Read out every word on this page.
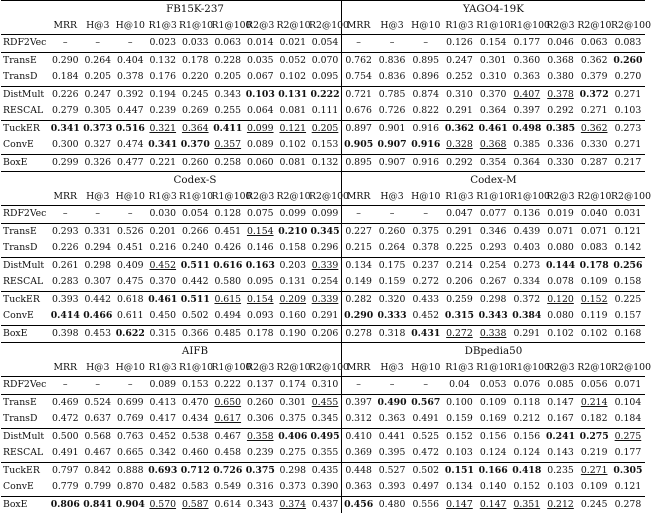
	FB15K-237									YAGO4-19K								
	MRR	H@3	H@10	R1@3	R1@10	R1@100	R2@3	R2@10	R2@100	MRR	H@3	H@10	R1@3	R1@10	R1@100	R2@3	R2@10	R2@100
RDF2Vec	–	–	–	0.023	0.033	0.063	0.014	0.021	0.054	–	–	–	0.126	0.154	0.177	0.046	0.063	0.083
TransE	0.290	0.264	0.404	0.132	0.178	0.228	0.035	0.052	0.070	0.762	0.836	0.895	0.247	0.301	0.360	0.368	0.362	0.260
TransD	0.184	0.205	0.378	0.176	0.220	0.205	0.067	0.102	0.095	0.754	0.836	0.896	0.252	0.310	0.363	0.380	0.379	0.270
DistMult	0.226	0.247	0.392	0.194	0.245	0.343	0.103	0.131	0.222	0.721	0.785	0.874	0.310	0.370	0.407	0.378	0.372	0.271
RESCAL	0.279	0.305	0.447	0.239	0.269	0.255	0.064	0.081	0.111	0.676	0.726	0.822	0.291	0.364	0.397	0.292	0.271	0.103
TuckER	0.341	0.373	0.516	0.321	0.364	0.411	0.099	0.121	0.205	0.897	0.901	0.916	0.362	0.461	0.498	0.385	0.362	0.273
ConvE	0.300	0.327	0.474	0.341	0.370	0.357	0.089	0.102	0.153	0.905	0.907	0.916	0.328	0.368	0.385	0.336	0.330	0.271
BoxE	0.299	0.326	0.477	0.221	0.260	0.258	0.060	0.081	0.132	0.895	0.907	0.916	0.292	0.354	0.364	0.330	0.287	0.217
	Codex-S									Codex-M								
	MRR	H@3	H@10	R1@3	R1@10	R1@100	R2@3	R2@10	R2@100	MRR	H@3	H@10	R1@3	R1@10	R1@100	R2@3	R2@10	R2@100
RDF2Vec	–	–	–	0.030	0.054	0.128	0.075	0.099	0.099	–	–	–	0.047	0.077	0.136	0.019	0.040	0.031
TransE	0.293	0.331	0.526	0.201	0.266	0.451	0.154	0.210	0.345	0.227	0.260	0.375	0.291	0.346	0.439	0.071	0.071	0.121
TransD	0.226	0.294	0.451	0.216	0.240	0.426	0.146	0.158	0.296	0.215	0.264	0.378	0.225	0.293	0.403	0.080	0.083	0.142
DistMult	0.261	0.298	0.409	0.452	0.511	0.616	0.163	0.203	0.339	0.134	0.175	0.237	0.214	0.254	0.273	0.144	0.178	0.256
RESCAL	0.283	0.307	0.475	0.370	0.442	0.580	0.095	0.131	0.254	0.149	0.159	0.272	0.206	0.267	0.334	0.078	0.109	0.158
TuckER	0.393	0.442	0.618	0.461	0.511	0.615	0.154	0.209	0.339	0.282	0.320	0.433	0.259	0.298	0.372	0.120	0.152	0.225
ConvE	0.414	0.466	0.611	0.450	0.502	0.494	0.093	0.160	0.291	0.290	0.333	0.452	0.315	0.343	0.384	0.080	0.119	0.157
BoxE	0.398	0.453	0.622	0.315	0.366	0.485	0.178	0.190	0.206	0.278	0.318	0.431	0.272	0.338	0.291	0.102	0.102	0.168
	AIFB									DBpedia50								
	MRR	H@3	H@10	R1@3	R1@10	R1@100	R2@3	R2@10	R2@100	MRR	H@3	H@10	R1@3	R1@10	R1@100	R2@3	R2@10	R2@100
RDF2Vec	–	–	–	0.089	0.153	0.222	0.137	0.174	0.310	–	–	–	0.04	0.053	0.076	0.085	0.056	0.071
TransE	0.469	0.524	0.699	0.413	0.470	0.650	0.260	0.301	0.455	0.397	0.490	0.567	0.100	0.109	0.118	0.147	0.214	0.104
TransD	0.472	0.637	0.769	0.417	0.434	0.617	0.306	0.375	0.345	0.312	0.363	0.491	0.159	0.169	0.212	0.167	0.182	0.184
DistMult	0.500	0.568	0.763	0.452	0.538	0.467	0.358	0.406	0.495	0.410	0.441	0.525	0.152	0.156	0.156	0.241	0.275	0.275
RESCAL	0.491	0.467	0.665	0.342	0.460	0.458	0.239	0.275	0.355	0.369	0.395	0.472	0.103	0.124	0.124	0.143	0.219	0.177
TuckER	0.797	0.842	0.888	0.693	0.712	0.726	0.375	0.298	0.435	0.448	0.527	0.502	0.151	0.166	0.418	0.235	0.271	0.305
ConvE	0.779	0.799	0.870	0.482	0.583	0.549	0.316	0.373	0.390	0.363	0.393	0.497	0.134	0.140	0.152	0.103	0.109	0.121
BoxE	0.806	0.841	0.904	0.570	0.587	0.614	0.343	0.374	0.437	0.456	0.480	0.556	0.147	0.147	0.351	0.212	0.245	0.278
